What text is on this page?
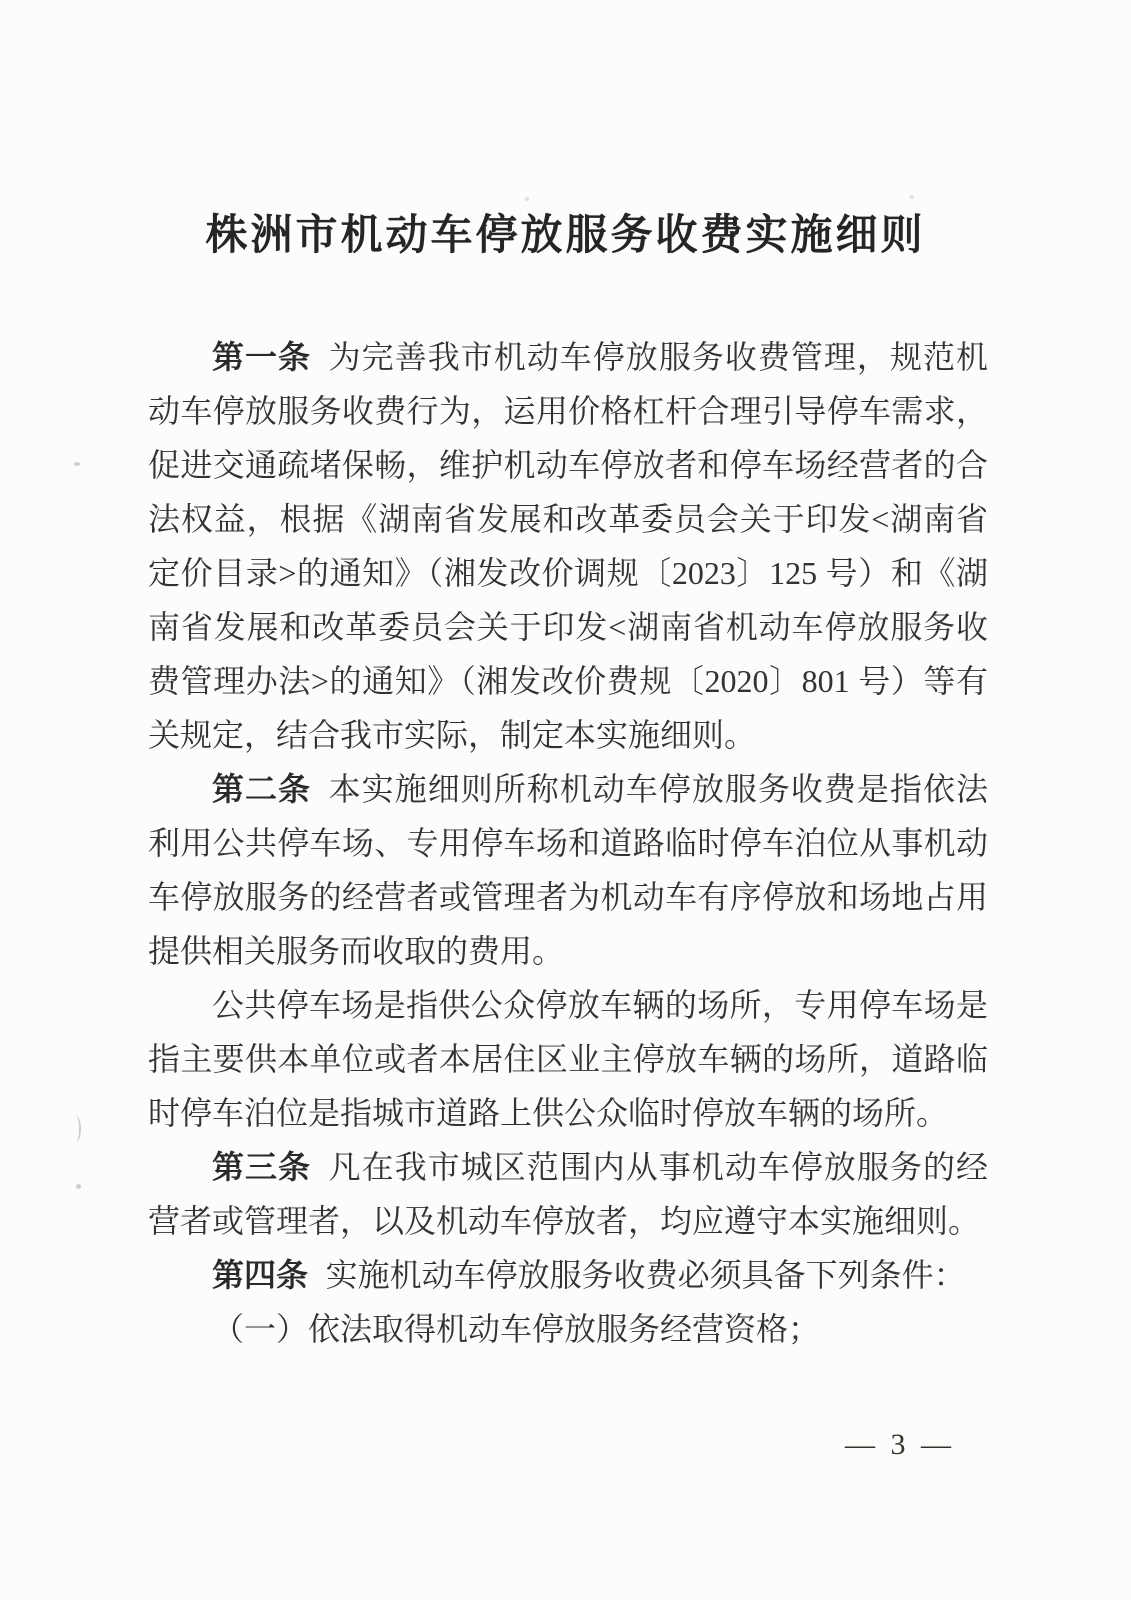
株洲市机动车停放服务收费实施细则

第一条 为完善我市机动车停放服务收费管理，规范机动车停放服务收费行为，运用价格杠杆合理引导停车需求，促进交通疏堵保畅，维护机动车停放者和停车场经营者的合法权益，根据《湖南省发展和改革委员会关于印发<湖南省定价目录>的通知》（湘发改价调规〔2023〕125 号）和《湖南省发展和改革委员会关于印发<湖南省机动车停放服务收费管理办法>的通知》（湘发改价费规〔2020〕801 号）等有关规定，结合我市实际，制定本实施细则。

第二条 本实施细则所称机动车停放服务收费是指依法利用公共停车场、专用停车场和道路临时停车泊位从事机动车停放服务的经营者或管理者为机动车有序停放和场地占用提供相关服务而收取的费用。

公共停车场是指供公众停放车辆的场所，专用停车场是指主要供本单位或者本居住区业主停放车辆的场所，道路临时停车泊位是指城市道路上供公众临时停放车辆的场所。

第三条 凡在我市城区范围内从事机动车停放服务的经营者或管理者，以及机动车停放者，均应遵守本实施细则。

第四条 实施机动车停放服务收费必须具备下列条件：

（一）依法取得机动车停放服务经营资格；

— 3 —
